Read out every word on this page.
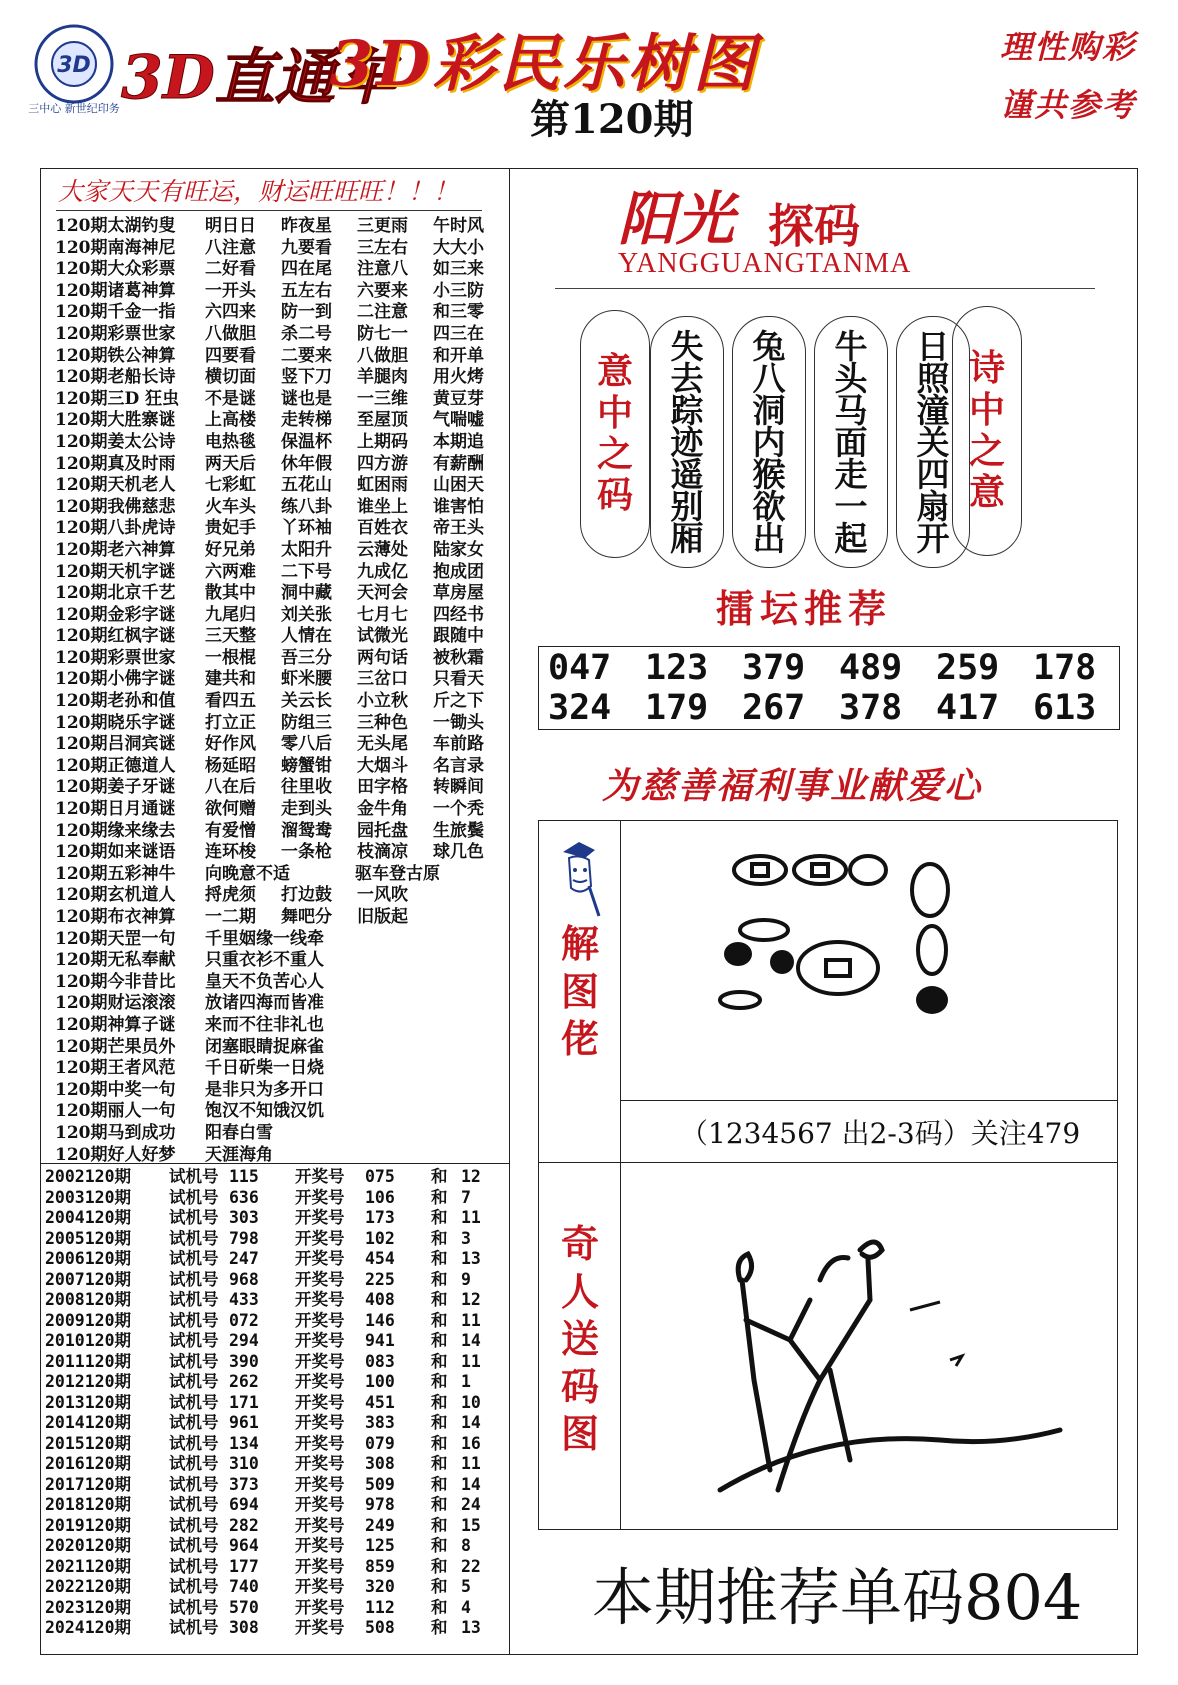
3D
三中心 新世纪印务 3D直通车
3D彩民乐树图
第120期
理性购彩
谨共参考
大家天天有旺运，财运旺旺旺！！！
120期太湖钓叟 明日日 昨夜星 三更雨 午时风
120期南海神尼 八注意 九要看 三左右 大大小
120期大众彩票 二好看 四在尾 注意八 如三来
120期诸葛神算 一开头 五左右 六要来 小三防
120期千金一指 六四来 防一到 二注意 和三零
120期彩票世家 八做胆 杀二号 防七一 四三在
120期铁公神算 四要看 二要来 八做胆 和开单
120期老船长诗 横切面 竖下刀 羊腿肉 用火烤
120期三D 狂虫 不是谜 谜也是 一三维 黄豆芽
120期大胜寨谜 上高楼 走转梯 至屋顶 气喘嘘
120期姜太公诗 电热毯 保温杯 上期码 本期追
120期真及时雨 两天后 休年假 四方游 有薪酬
120期天机老人 七彩虹 五花山 虹困雨 山困天
120期我佛慈悲 火车头 练八卦 谁坐上 谁害怕
120期八卦虎诗 贵妃手 丫环袖 百姓衣 帝王头
120期老六神算 好兄弟 太阳升 云薄处 陆家女
120期天机字谜 六两难 二下号 九成亿 抱成团
120期北京千艺 散其中 洞中藏 天河会 草房屋
120期金彩字谜 九尾归 刘关张 七月七 四经书
120期红枫字谜 三天整 人情在 试微光 跟随中
120期彩票世家 一根棍 吾三分 两句话 被秋霜
120期小佛字谜 建共和 虾米腰 三岔口 只看天
120期老孙和值 看四五 关云长 小立秋 斤之下
120期晓乐字谜 打立正 防组三 三种色 一锄头
120期吕洞宾谜 好作风 零八后 无头尾 车前路
120期正德道人 杨延昭 螃蟹钳 大烟斗 名言录
120期姜子牙谜 八在后 往里收 田字格 转瞬间
120期日月通谜 欲何赠 走到头 金牛角 一个秃
120期缘来缘去 有爱憎 溜鸳鸯 园托盘 生旅鬓
120期如来谜语 连环梭 一条枪 枝滴凉 球几色
120期五彩神牛 向晚意不适	驱车登古原
120期玄机道人 捋虎须 打边鼓 一风吹
120期布衣神算 一二期 舞吧分 旧版起
120期天罡一句 千里姻缘一线牵
120期无私奉献 只重衣衫不重人
120期今非昔比 皇天不负苦心人
120期财运滚滚 放诸四海而皆准
120期神算子谜 来而不往非礼也
120期芒果员外 闭塞眼睛捉麻雀
120期王者风范 千日斫柴一日烧
120期中奖一句 是非只为多开口
120期丽人一句 饱汉不知饿汉饥
120期马到成功 阳春白雪
120期好人好梦 天涯海角
2002120期 试机号 115 开奖号 075 和 12
2003120期 试机号 636 开奖号 106 和 7
2004120期 试机号 303 开奖号 173 和 11
2005120期 试机号 798 开奖号 102 和 3
2006120期 试机号 247 开奖号 454 和 13
2007120期 试机号 968 开奖号 225 和 9
2008120期 试机号 433 开奖号 408 和 12
2009120期 试机号 072 开奖号 146 和 11
2010120期 试机号 294 开奖号 941 和 14
2011120期 试机号 390 开奖号 083 和 11
2012120期 试机号 262 开奖号 100 和 1
2013120期 试机号 171 开奖号 451 和 10
2014120期 试机号 961 开奖号 383 和 14
2015120期 试机号 134 开奖号 079 和 16
2016120期 试机号 310 开奖号 308 和 11
2017120期 试机号 373 开奖号 509 和 14
2018120期 试机号 694 开奖号 978 和 24
2019120期 试机号 282 开奖号 249 和 15
2020120期 试机号 964 开奖号 125 和 8
2021120期 试机号 177 开奖号 859 和 22
2022120期 试机号 740 开奖号 320 和 5
2023120期 试机号 570 开奖号 112 和 4
2024120期 试机号 308 开奖号 508 和 13
阳光 探码
YANGGUANGTANMA
意
中
之
码
诗
中
之
意
失
去
踪
迹
遥
别
厢
兔
八
洞
内
猴
欲
出
牛
头
马
面
走
一
起
日
照
潼
关
四
扇
开
擂坛推荐
047 123 379 489 259 178
324 179 267 378 417 613
为慈善福利事业献爱心
解
图
佬
（1234567 出2-3码）关注479
奇
人
送
码
图
本期推荐单码804
